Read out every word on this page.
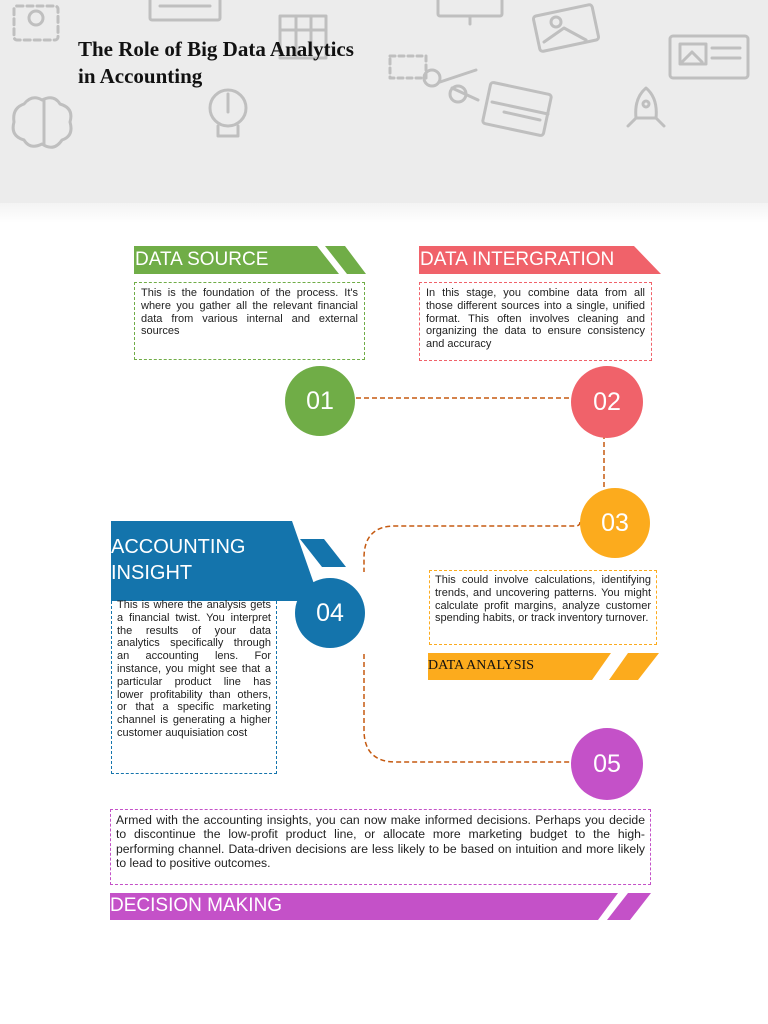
The Role of Big Data Analytics
in Accounting
DATA SOURCE
This is the foundation of the process. It's where you gather all the relevant financial data from various internal and external sources
01
DATA INTERGRATION
In this stage, you combine data from all those different sources into a single, unified format. This often involves cleaning and organizing the data to ensure consistency and accuracy
02
03
This could involve calculations, identifying trends, and uncovering patterns. You might calculate profit margins, analyze customer spending habits, or track inventory turnover.
DATA ANALYSIS
ACCOUNTING
INSIGHT
04
This is where the analysis gets a financial twist. You interpret the results of your data analytics specifically through an accounting lens. For instance, you might see that a particular product line has lower profitability than others, or that a specific marketing channel is generating a higher customer auquisiation cost
05
Armed with the accounting insights, you can now make informed decisions. Perhaps you decide to discontinue the low-profit product line, or allocate more marketing budget to the high-performing channel. Data-driven decisions are less likely to be based on intuition and more likely to lead to positive outcomes.
DECISION MAKING
